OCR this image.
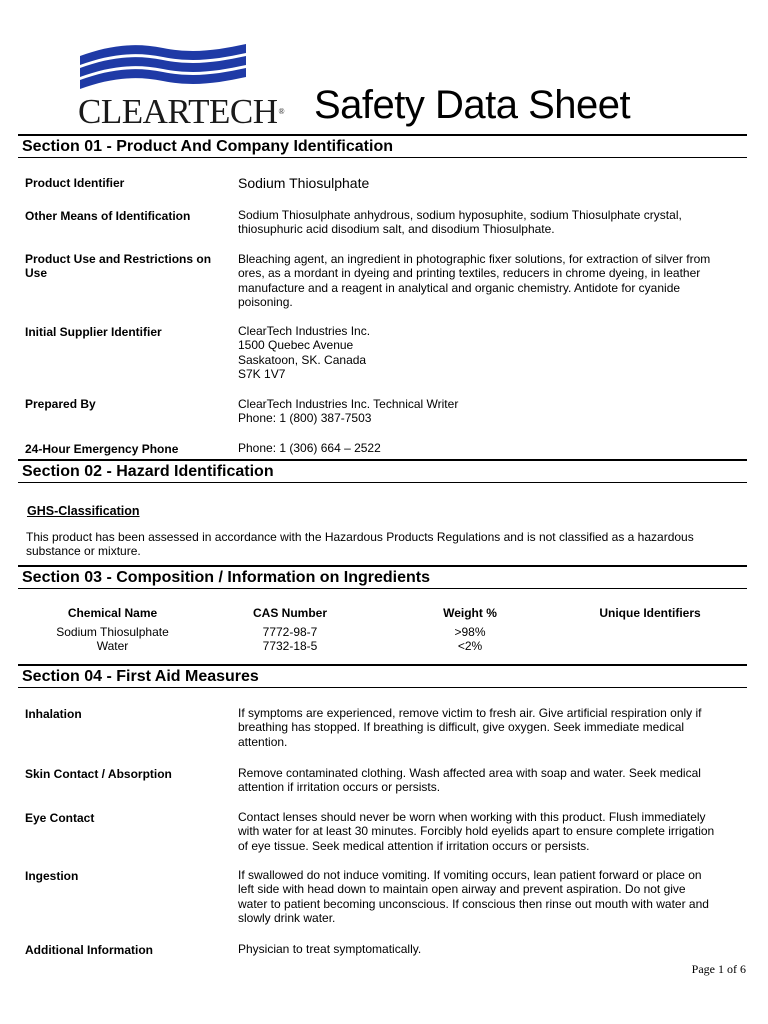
CLEARTECH® Safety Data Sheet
Section 01 - Product And Company Identification
Product Identifier	Sodium Thiosulphate
Other Means of Identification	Sodium Thiosulphate anhydrous, sodium hyposuphite, sodium Thiosulphate crystal,
thiosuphuric acid disodium salt, and disodium Thiosulphate.
Product Use and Restrictions on Use
Bleaching agent, an ingredient in photographic fixer solutions, for extraction of silver from
ores, as a mordant in dyeing and printing textiles, reducers in chrome dyeing, in leather
manufacture and a reagent in analytical and organic chemistry. Antidote for cyanide
poisoning.
Initial Supplier Identifier	ClearTech Industries Inc.
1500 Quebec Avenue
Saskatoon, SK. Canada
S7K 1V7
Prepared By	ClearTech Industries Inc. Technical Writer
Phone: 1 (800) 387-7503
24-Hour Emergency Phone	Phone: 1 (306) 664 – 2522
Section 02 - Hazard Identification
GHS-Classification
This product has been assessed in accordance with the Hazardous Products Regulations and is not classified as a hazardous substance or mixture.
Section 03 - Composition / Information on Ingredients
Chemical Name	CAS Number	Weight %	Unique Identifiers
Sodium Thiosulphate	7772-98-7	>98%
Water	7732-18-5	<2%
Section 04 - First Aid Measures
Inhalation	If symptoms are experienced, remove victim to fresh air. Give artificial respiration only if
breathing has stopped. If breathing is difficult, give oxygen. Seek immediate medical
attention.
Skin Contact / Absorption	Remove contaminated clothing. Wash affected area with soap and water. Seek medical
attention if irritation occurs or persists.
Eye Contact	Contact lenses should never be worn when working with this product. Flush immediately
with water for at least 30 minutes. Forcibly hold eyelids apart to ensure complete irrigation
of eye tissue. Seek medical attention if irritation occurs or persists.
Ingestion	If swallowed do not induce vomiting. If vomiting occurs, lean patient forward or place on
left side with head down to maintain open airway and prevent aspiration. Do not give
water to patient becoming unconscious. If conscious then rinse out mouth with water and
slowly drink water.
Additional Information	Physician to treat symptomatically.
Page 1 of 6
